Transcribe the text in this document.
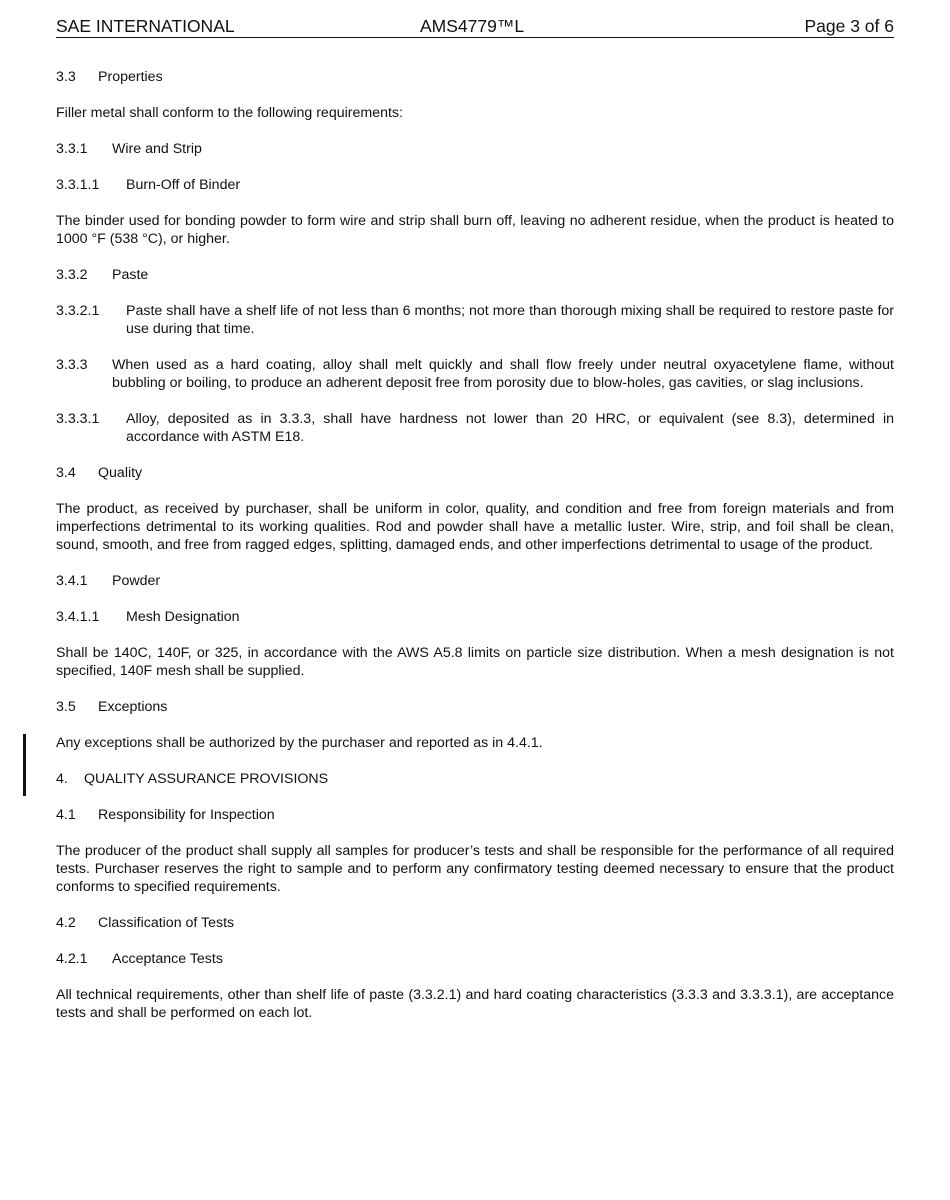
SAE INTERNATIONAL	AMS4779™L	Page 3 of 6
3.3	Properties

Filler metal shall conform to the following requirements:

3.3.1	Wire and Strip
3.3.1.1	Burn-Off of Binder

The binder used for bonding powder to form wire and strip shall burn off, leaving no adherent residue, when the product is heated to 1000 °F (538 °C), or higher.

3.3.2	Paste
3.3.2.1	Paste shall have a shelf life of not less than 6 months; not more than thorough mixing shall be required to restore paste for use during that time.
3.3.3	When used as a hard coating, alloy shall melt quickly and shall flow freely under neutral oxyacetylene flame, without bubbling or boiling, to produce an adherent deposit free from porosity due to blow-holes, gas cavities, or slag inclusions.
3.3.3.1	Alloy, deposited as in 3.3.3, shall have hardness not lower than 20 HRC, or equivalent (see 8.3), determined in accordance with ASTM E18.
3.4	Quality

The product, as received by purchaser, shall be uniform in color, quality, and condition and free from foreign materials and from imperfections detrimental to its working qualities. Rod and powder shall have a metallic luster. Wire, strip, and foil shall be clean, sound, smooth, and free from ragged edges, splitting, damaged ends, and other imperfections detrimental to usage of the product.

3.4.1	Powder
3.4.1.1	Mesh Designation

Shall be 140C, 140F, or 325, in accordance with the AWS A5.8 limits on particle size distribution. When a mesh designation is not specified, 140F mesh shall be supplied.

3.5	Exceptions

Any exceptions shall be authorized by the purchaser and reported as in 4.4.1.

4.	QUALITY ASSURANCE PROVISIONS
4.1	Responsibility for Inspection

The producer of the product shall supply all samples for producer’s tests and shall be responsible for the performance of all required tests. Purchaser reserves the right to sample and to perform any confirmatory testing deemed necessary to ensure that the product conforms to specified requirements.

4.2	Classification of Tests
4.2.1	Acceptance Tests

All technical requirements, other than shelf life of paste (3.3.2.1) and hard coating characteristics (3.3.3 and 3.3.3.1), are acceptance tests and shall be performed on each lot.
